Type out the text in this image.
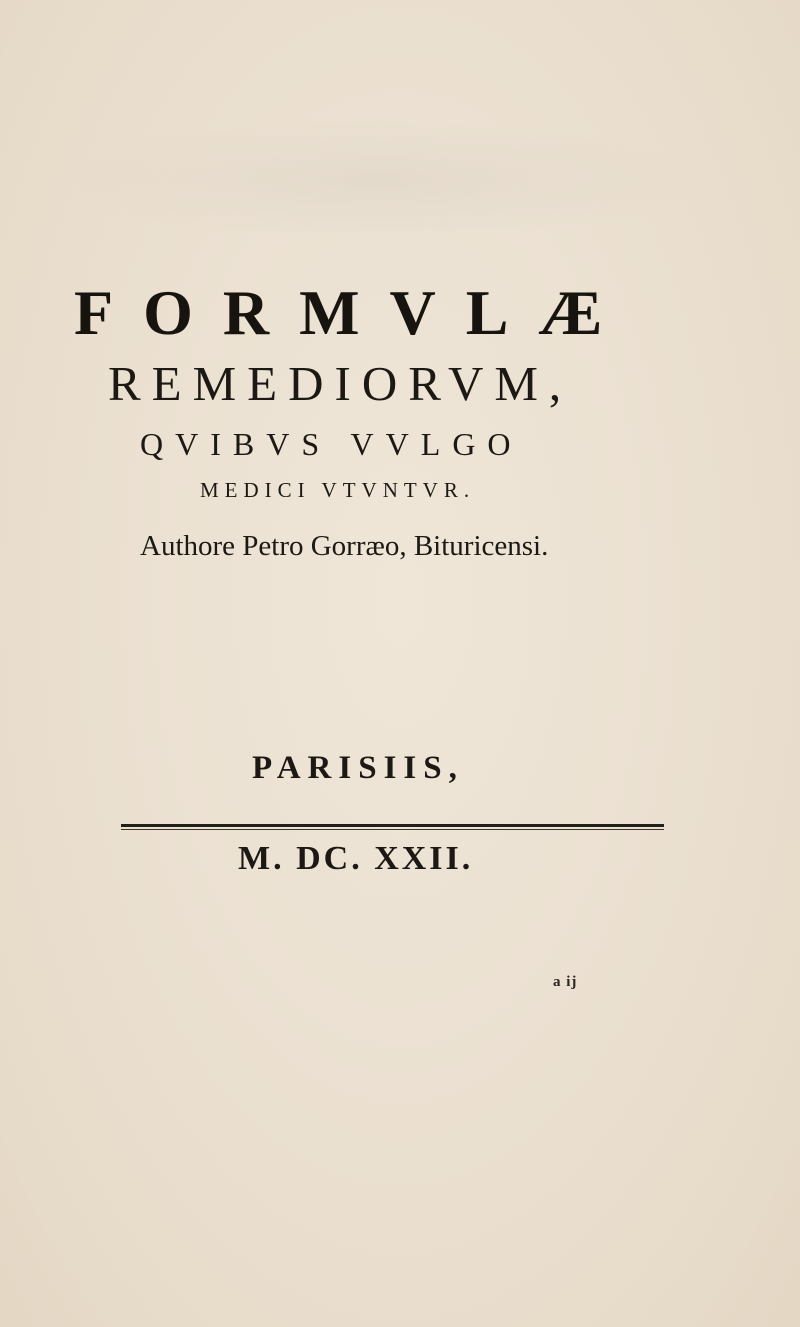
FORMVLÆ
REMEDIORVM,
QVIBVS VVLGO
MEDICI VTVNTVR.
Authore Petro Gorræo, Bituricensi.
PARISIIS,
M. DC. XXII.
a ij
